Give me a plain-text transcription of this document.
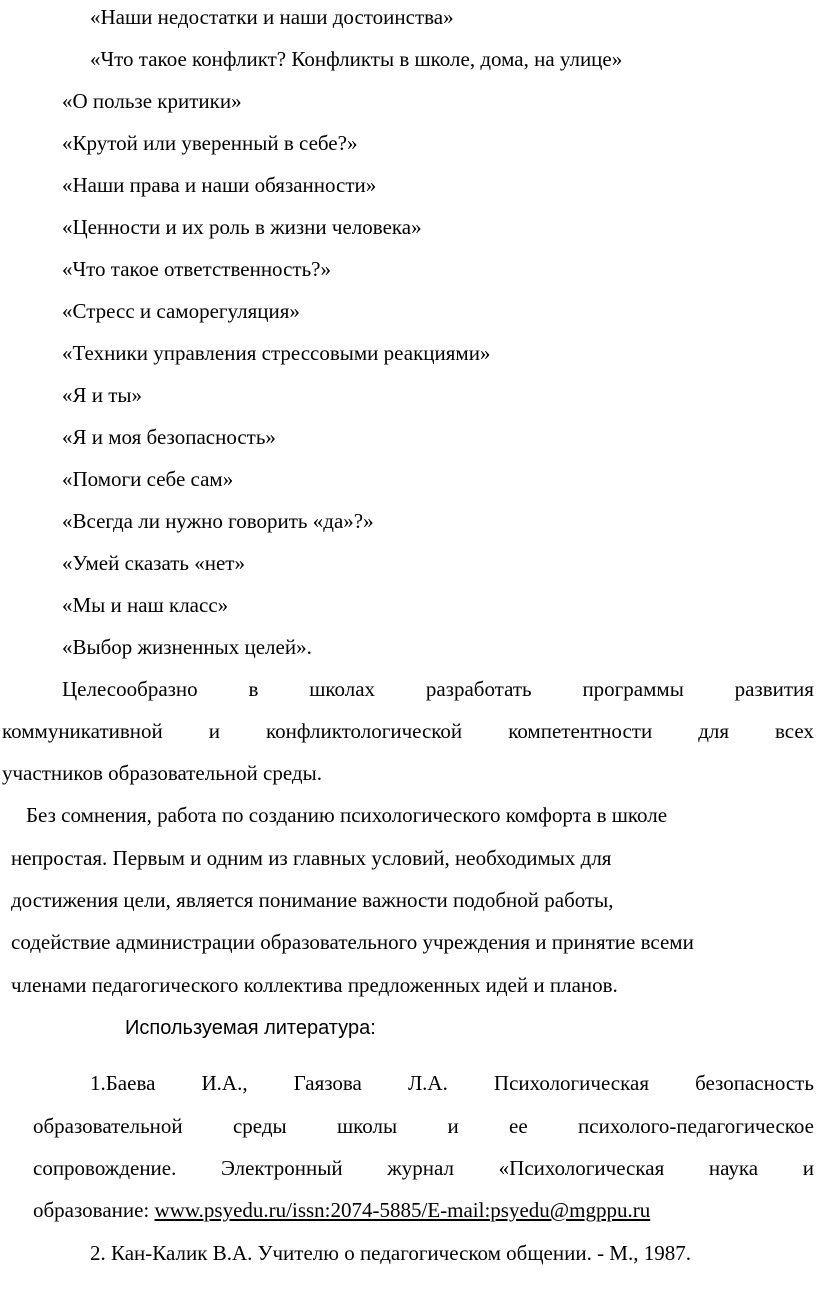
«Наши недостатки и наши достоинства»
«Что такое конфликт? Конфликты в школе, дома, на улице»
«О пользе критики»
«Крутой или уверенный в себе?»
«Наши права и наши обязанности»
«Ценности и их роль в жизни человека»
«Что такое ответственность?»
«Стресс и саморегуляция»
«Техники управления стрессовыми реакциями»
«Я и ты»
«Я и моя безопасность»
«Помоги себе сам»
«Всегда ли нужно говорить «да»?»
«Умей сказать «нет»
«Мы и наш класс»
«Выбор жизненных целей».
Целесообразно в школах разработать программы развития
коммуникативной и конфликтологической компетентности для всех
участников образовательной среды.
Без сомнения, работа по созданию психологического комфорта в школе
непростая. Первым и одним из главных условий, необходимых для
достижения цели, является понимание важности подобной работы,
содействие администрации образовательного учреждения и принятие всеми
членами педагогического коллектива предложенных идей и планов.
Используемая литература:
1.Баева И.А., Гаязова Л.А. Психологическая безопасность
образовательной среды школы и ее психолого-педагогическое
сопровождение. Электронный журнал «Психологическая наука и
образование: www.psyedu.ru/issn:2074-5885/E-mail:psyedu@mgppu.ru
2. Кан-Калик В.А. Учителю о педагогическом общении. - М., 1987.
